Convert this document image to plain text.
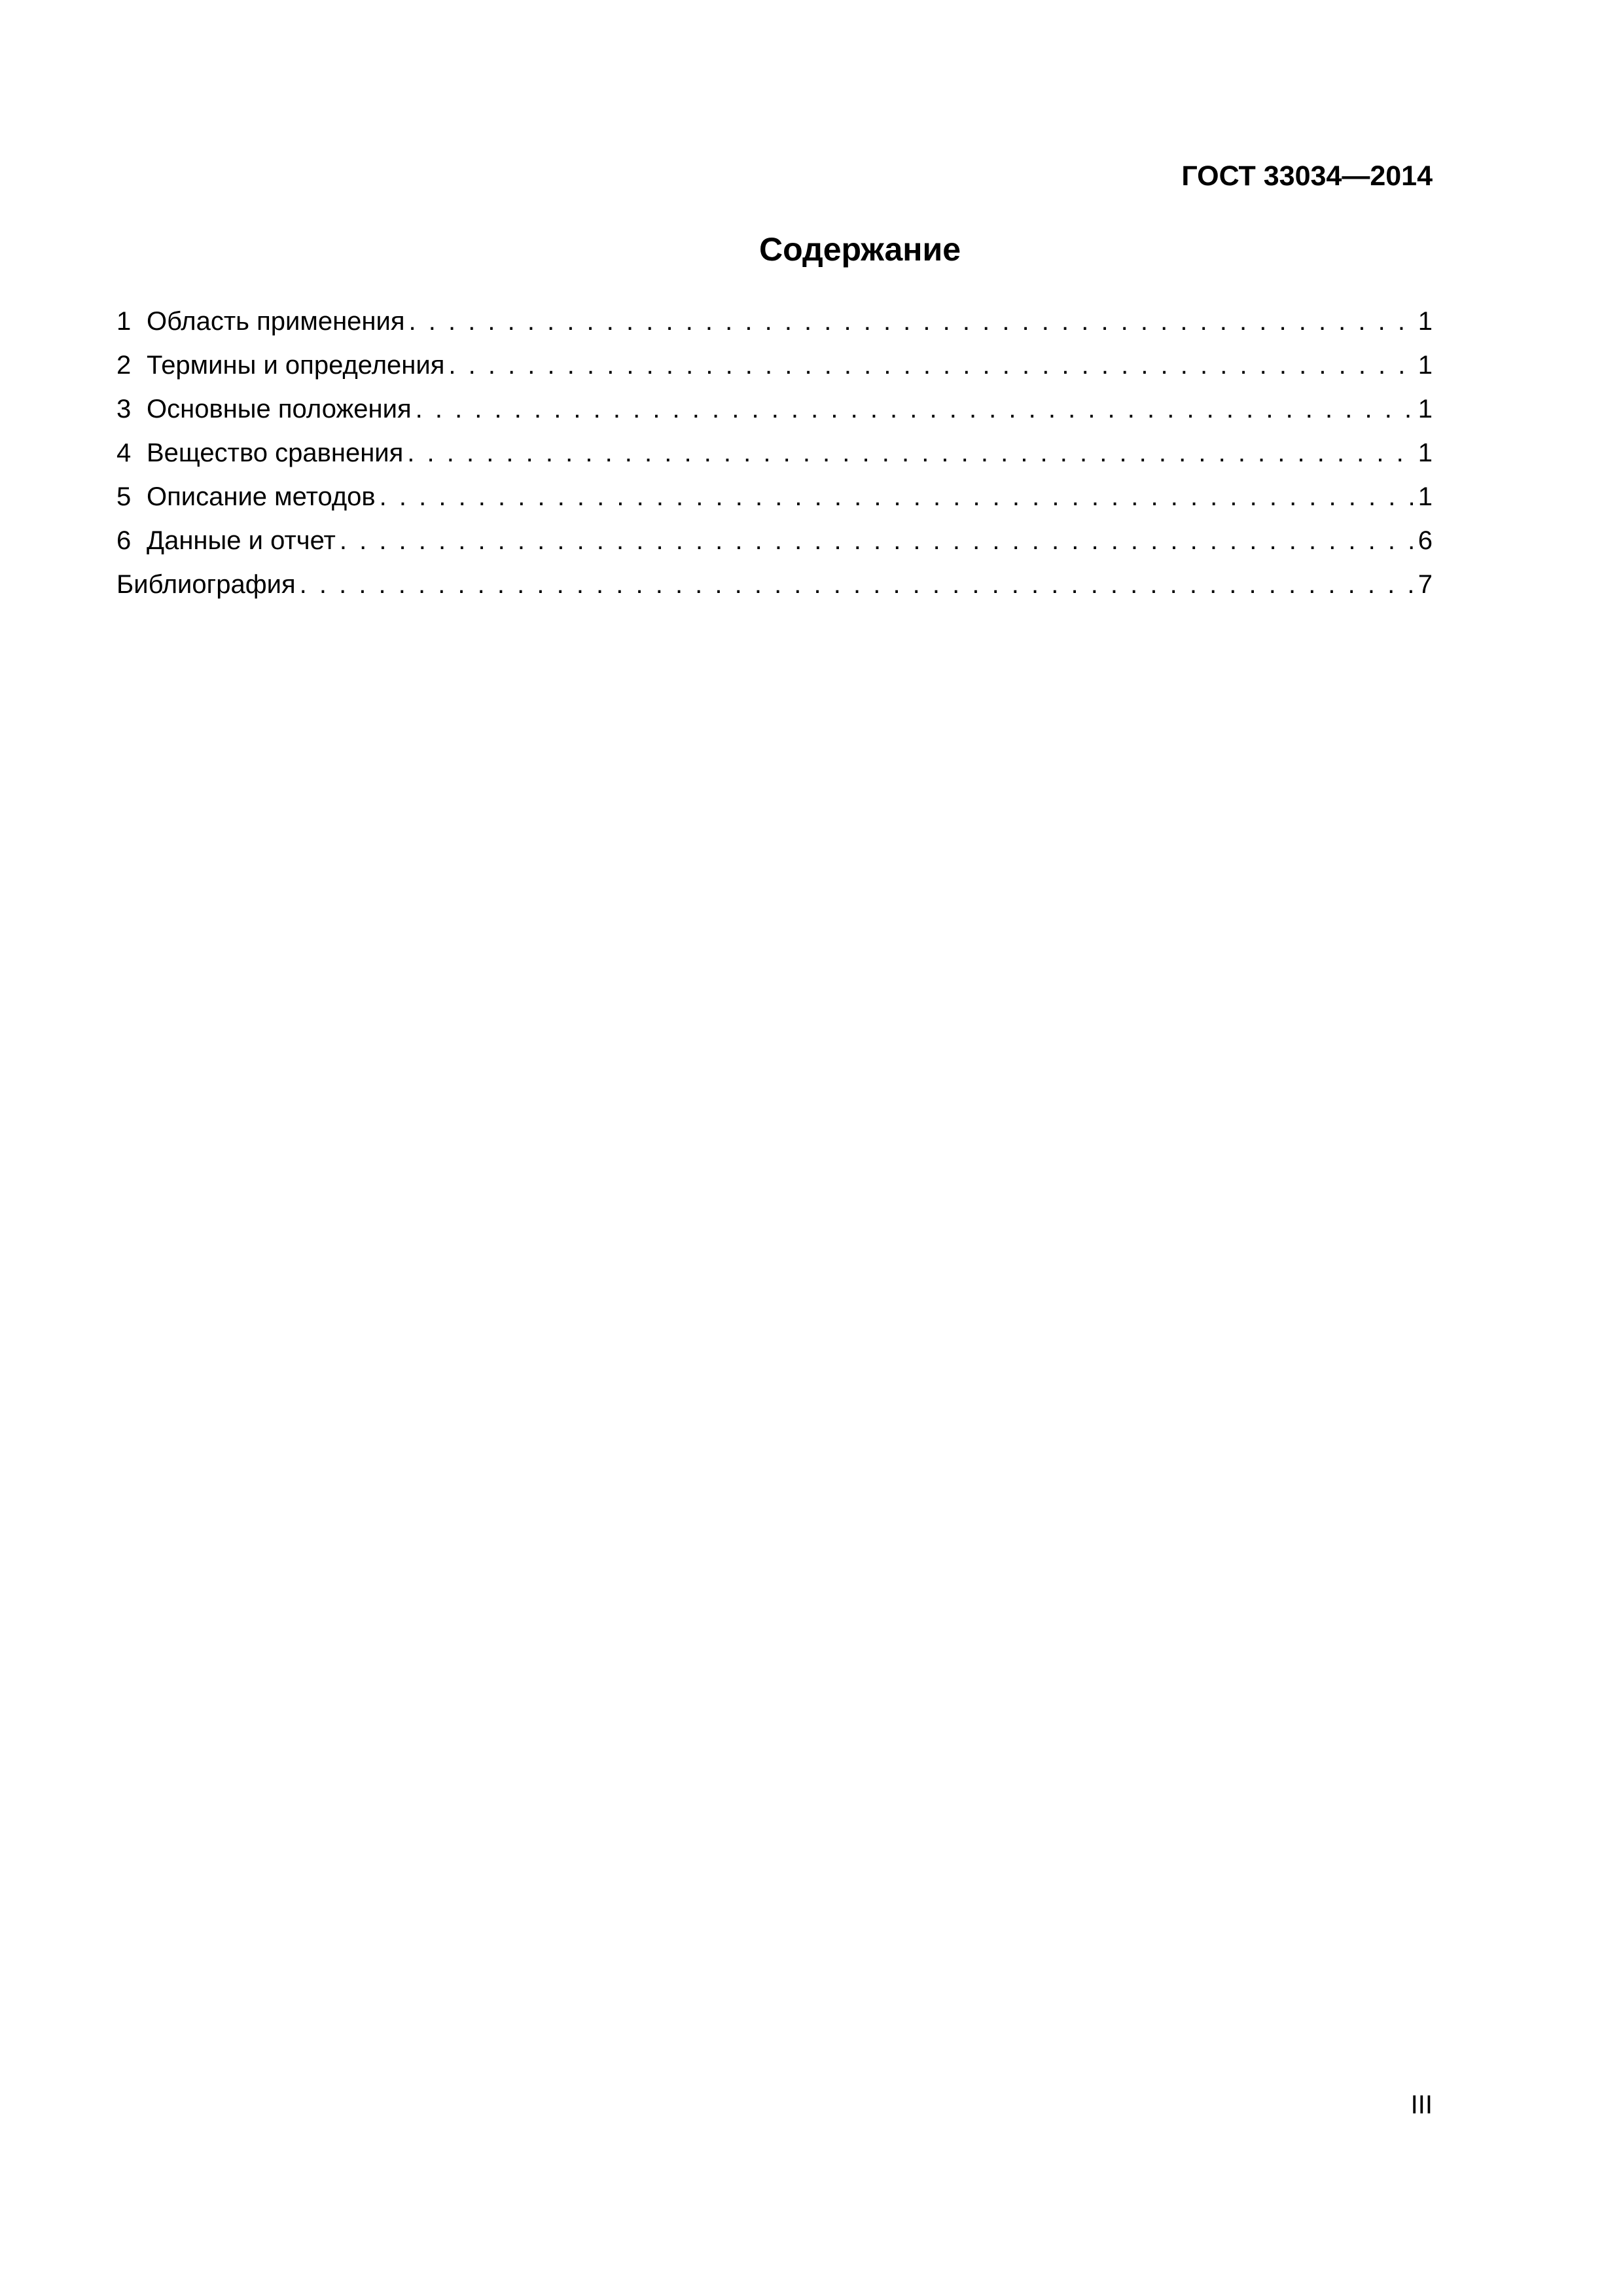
ГОСТ 33034—2014
Содержание
1 Область применения . . .	1
2 Термины и определения . . .	1
3 Основные положения . . .	1
4 Вещество сравнения . . .	1
5 Описание методов . . .	1
6 Данные и отчет . . .	6
Библиография . . .	7
III
